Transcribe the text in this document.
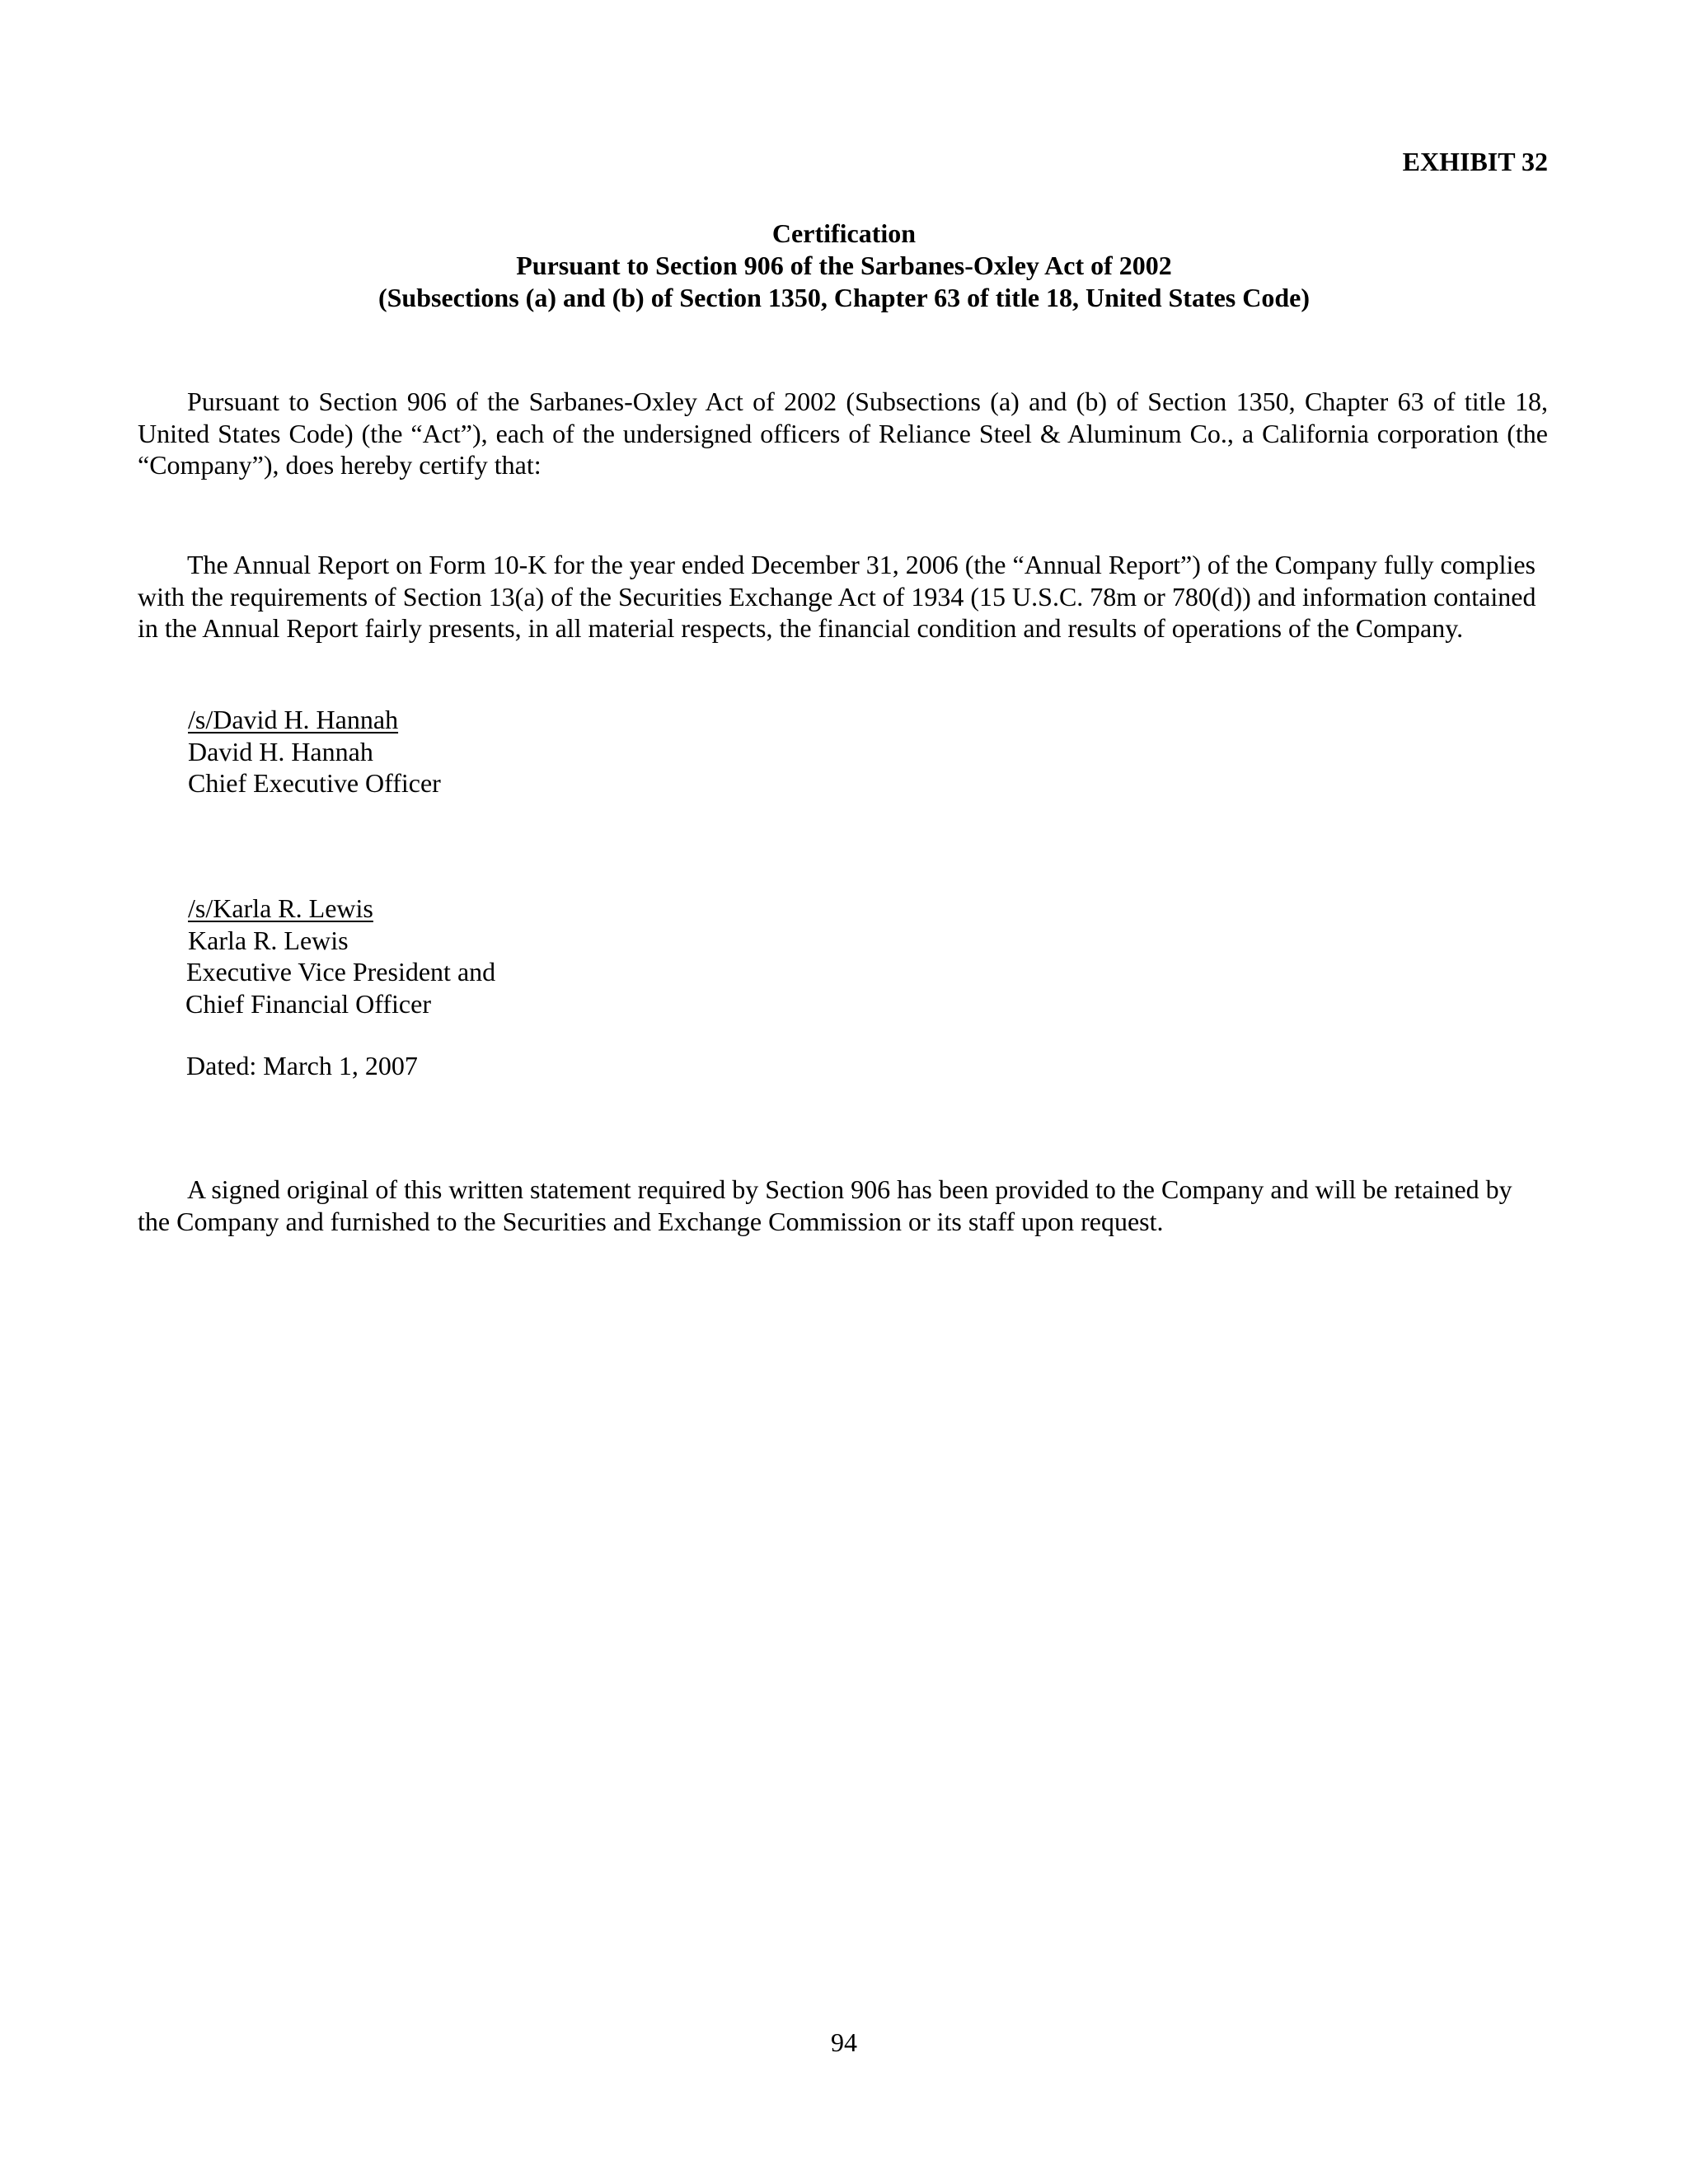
EXHIBIT 32

Certification
Pursuant to Section 906 of the Sarbanes-Oxley Act of 2002
(Subsections (a) and (b) of Section 1350, Chapter 63 of title 18, United States Code)

Pursuant to Section 906 of the Sarbanes-Oxley Act of 2002 (Subsections (a) and (b) of Section 1350, Chapter 63 of title 18, United States Code) (the “Act”), each of the undersigned officers of Reliance Steel & Aluminum Co., a California corporation (the “Company”), does hereby certify that:

The Annual Report on Form 10-K for the year ended December 31, 2006 (the “Annual Report”) of the Company fully complies with the requirements of Section 13(a) of the Securities Exchange Act of 1934 (15 U.S.C. 78m or 780(d)) and information contained in the Annual Report fairly presents, in all material respects, the financial condition and results of operations of the Company.

/s/David H. Hannah
David H. Hannah
Chief Executive Officer
/s/Karla R. Lewis
Karla R. Lewis
Executive Vice President and
Chief Financial Officer

Dated: March 1, 2007

A signed original of this written statement required by Section 906 has been provided to the Company and will be retained by the Company and furnished to the Securities and Exchange Commission or its staff upon request.

94
